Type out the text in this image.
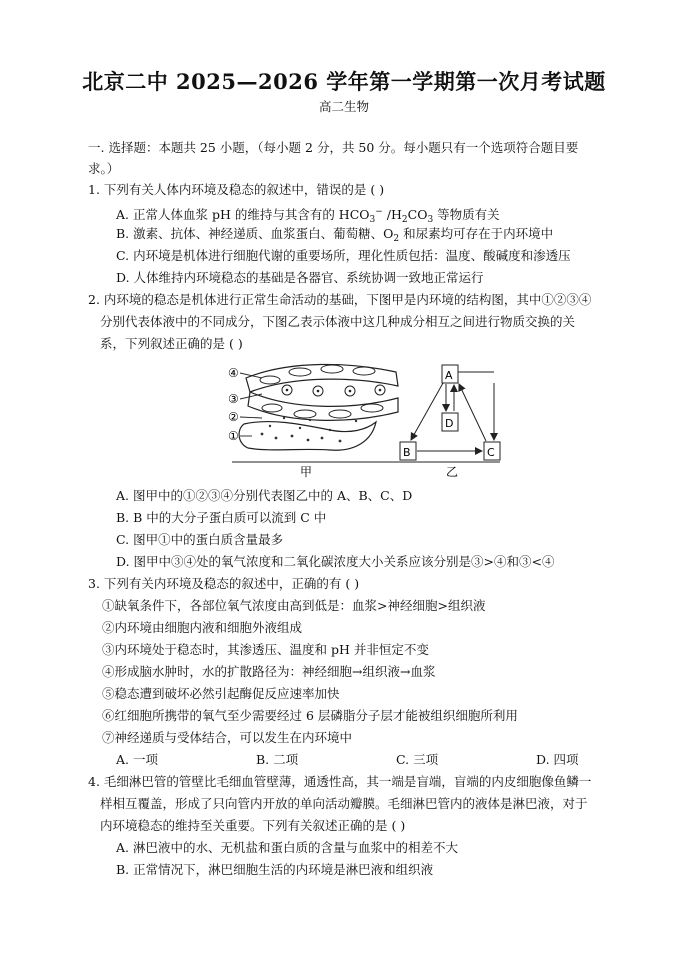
北京二中 2025—2026 学年第一学期第一次月考试题
高二生物
一. 选择题：本题共 25 小题，（每小题 2 分，共 50 分。每小题只有一个选项符合题目要
求。）
1. 下列有关人体内环境及稳态的叙述中，错误的是 ( )
A. 正常人体血浆 pH 的维持与其含有的 $HCO_3^-$ $/H_2CO_3$ 等物质有关
B. 激素、抗体、神经递质、血浆蛋白、葡萄糖、$O_2$ 和尿素均可存在于内环境中
C. 内环境是机体进行细胞代谢的重要场所，理化性质包括：温度、酸碱度和渗透压
D. 人体维持内环境稳态的基础是各器官、系统协调一致地正常运行
2. 内环境的稳态是机体进行正常生命活动的基础，下图甲是内环境的结构图，其中①②③④
分别代表体液中的不同成分，下图乙表示体液中这几种成分相互之间进行物质交换的关
系，下列叙述正确的是 ( )
④
③
②
①
甲	乙
A
D
B	C
A. 图甲中的①②③④分别代表图乙中的 A、B、C、D
B. B 中的大分子蛋白质可以流到 C 中
C. 图甲①中的蛋白质含量最多
D. 图甲中③④处的氧气浓度和二氧化碳浓度大小关系应该分别是③>④和③<④
3. 下列有关内环境及稳态的叙述中，正确的有 ( )
①缺氧条件下，各部位氧气浓度由高到低是：血浆>神经细胞>组织液
②内环境由细胞内液和细胞外液组成
③内环境处于稳态时，其渗透压、温度和 pH 并非恒定不变
④形成脑水肿时，水的扩散路径为：神经细胞→组织液→血浆
⑤稳态遭到破坏必然引起酶促反应速率加快
⑥红细胞所携带的氧气至少需要经过 6 层磷脂分子层才能被组织细胞所利用
⑦神经递质与受体结合，可以发生在内环境中
A. 一项	B. 二项	C. 三项	D. 四项
4. 毛细淋巴管的管壁比毛细血管壁薄，通透性高，其一端是盲端，盲端的内皮细胞像鱼鳞一
样相互覆盖，形成了只向管内开放的单向活动瓣膜。毛细淋巴管内的液体是淋巴液，对于
内环境稳态的维持至关重要。下列有关叙述正确的是 ( )
A. 淋巴液中的水、无机盐和蛋白质的含量与血浆中的相差不大
B. 正常情况下，淋巴细胞生活的内环境是淋巴液和组织液
